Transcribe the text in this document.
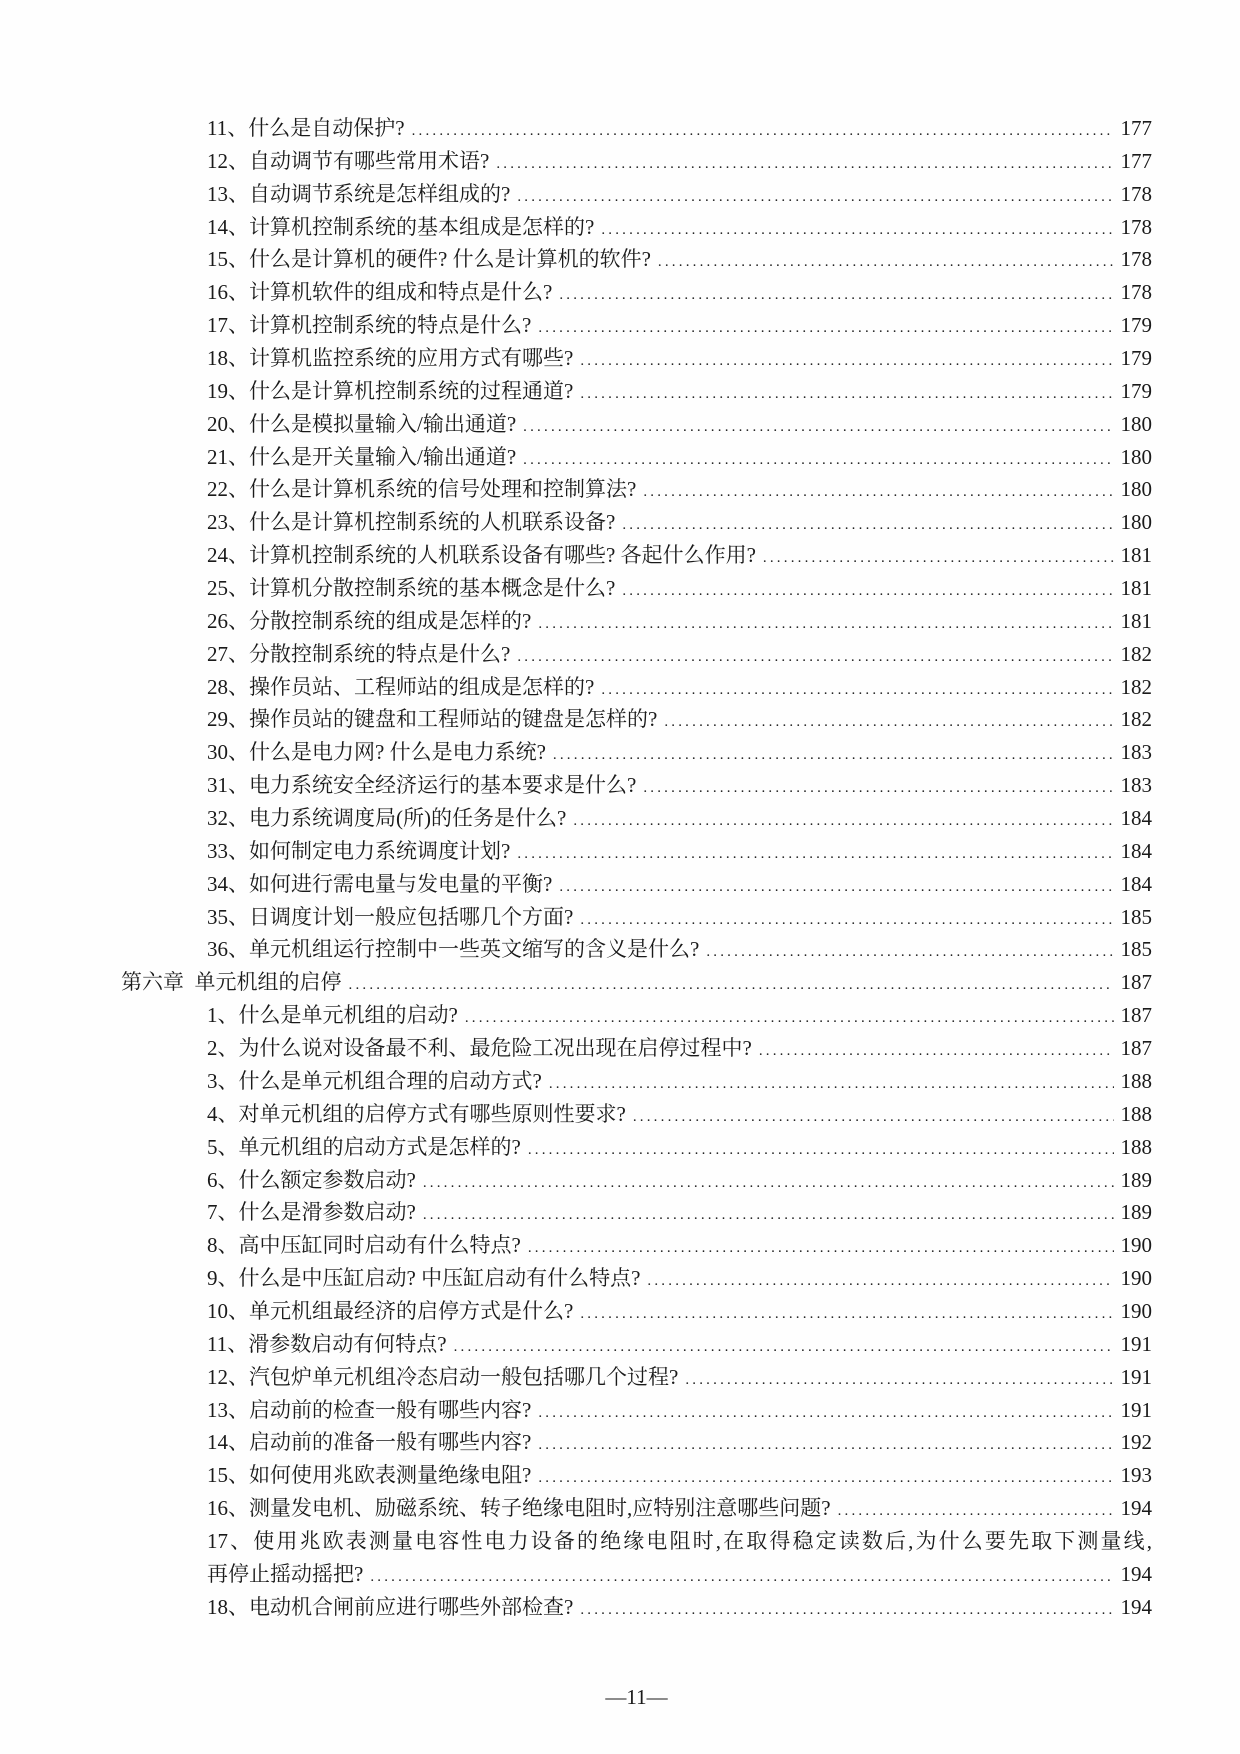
11、什么是自动保护? .....	177
12、自动调节有哪些常用术语? .....	177
13、自动调节系统是怎样组成的? .....	178
14、计算机控制系统的基本组成是怎样的? .....	178
15、什么是计算机的硬件? 什么是计算机的软件? .....	178
16、计算机软件的组成和特点是什么? .....	178
17、计算机控制系统的特点是什么? .....	179
18、计算机监控系统的应用方式有哪些? .....	179
19、什么是计算机控制系统的过程通道? .....	179
20、什么是模拟量输入/输出通道? .....	180
21、什么是开关量输入/输出通道? .....	180
22、什么是计算机系统的信号处理和控制算法? .....	180
23、什么是计算机控制系统的人机联系设备? .....	180
24、计算机控制系统的人机联系设备有哪些? 各起什么作用? .....	181
25、计算机分散控制系统的基本概念是什么? .....	181
26、分散控制系统的组成是怎样的? .....	181
27、分散控制系统的特点是什么? .....	182
28、操作员站、工程师站的组成是怎样的? .....	182
29、操作员站的键盘和工程师站的键盘是怎样的? .....	182
30、什么是电力网? 什么是电力系统? .....	183
31、电力系统安全经济运行的基本要求是什么? .....	183
32、电力系统调度局(所)的任务是什么? .....	184
33、如何制定电力系统调度计划? .....	184
34、如何进行需电量与发电量的平衡? .....	184
35、日调度计划一般应包括哪几个方面? .....	185
36、单元机组运行控制中一些英文缩写的含义是什么? .....	185
第六章 单元机组的启停 .....	187
1、什么是单元机组的启动? .....	187
2、为什么说对设备最不利、最危险工况出现在启停过程中? .....	187
3、什么是单元机组合理的启动方式? .....	188
4、对单元机组的启停方式有哪些原则性要求? .....	188
5、单元机组的启动方式是怎样的? .....	188
6、什么额定参数启动? .....	189
7、什么是滑参数启动? .....	189
8、高中压缸同时启动有什么特点? .....	190
9、什么是中压缸启动? 中压缸启动有什么特点? .....	190
10、单元机组最经济的启停方式是什么? .....	190
11、滑参数启动有何特点? .....	191
12、汽包炉单元机组冷态启动一般包括哪几个过程? .....	191
13、启动前的检查一般有哪些内容? .....	191
14、启动前的准备一般有哪些内容? .....	192
15、如何使用兆欧表测量绝缘电阻? .....	193
16、测量发电机、励磁系统、转子绝缘电阻时,应特别注意哪些问题? .....	194
17、使用兆欧表测量电容性电力设备的绝缘电阻时,在取得稳定读数后,为什么要先取下测量线,
再停止摇动摇把? .....	194
18、电动机合闸前应进行哪些外部检查? .....	194
—11—
